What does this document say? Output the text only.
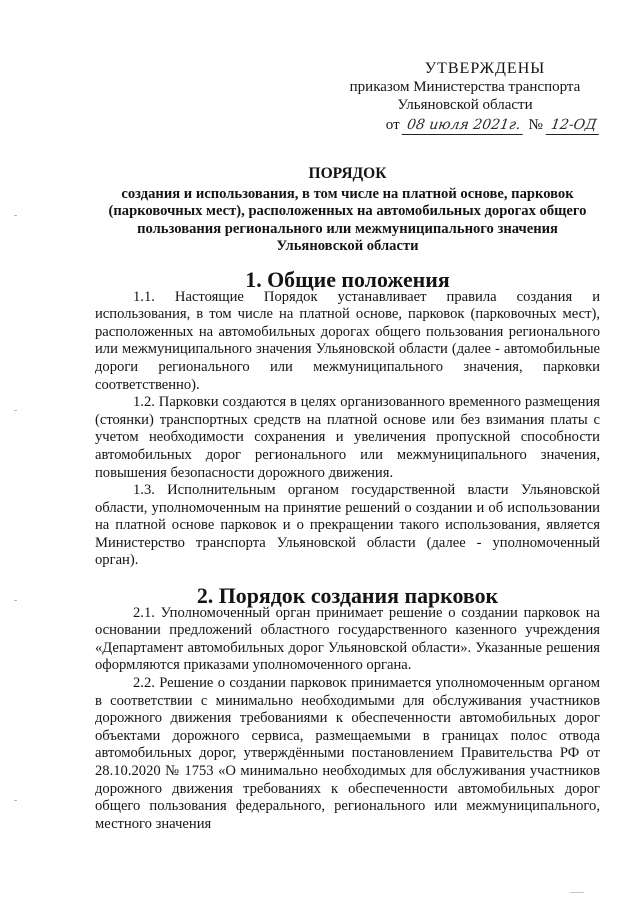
УТВЕРЖДЕНЫ
приказом Министерства транспорта
Ульяновской области
от 08 июля 2021г. № 12-ОД
ПОРЯДОК

создания и использования, в том числе на платной основе, парковок (парковочных мест), расположенных на автомобильных дорогах общего пользования регионального или межмуниципального значения Ульяновской области

1. Общие положения

1.1. Настоящие Порядок устанавливает правила создания и использования, в том числе на платной основе, парковок (парковочных мест), расположенных на автомобильных дорогах общего пользования регионального или межмуниципального значения Ульяновской области (далее - автомобильные дороги регионального или межмуниципального значения, парковки соответственно).

1.2. Парковки создаются в целях организованного временного размещения (стоянки) транспортных средств на платной основе или без взимания платы с учетом необходимости сохранения и увеличения пропускной способности автомобильных дорог регионального или межмуниципального значения, повышения безопасности дорожного движения.

1.3. Исполнительным органом государственной власти Ульяновской области, уполномоченным на принятие решений о создании и об использовании на платной основе парковок и о прекращении такого использования, является Министерство транспорта Ульяновской области (далее - уполномоченный орган).

2. Порядок создания парковок

2.1. Уполномоченный орган принимает решение о создании парковок на основании предложений областного государственного казенного учреждения «Департамент автомобильных дорог Ульяновской области». Указанные решения оформляются приказами уполномоченного органа.

2.2. Решение о создании парковок принимается уполномоченным органом в соответствии с минимально необходимыми для обслуживания участников дорожного движения требованиями к обеспеченности автомобильных дорог объектами дорожного сервиса, размещаемыми в границах полос отвода автомобильных дорог, утверждёнными постановлением Правительства РФ от 28.10.2020 № 1753 «О минимально необходимых для обслуживания участников дорожного движения требованиях к обеспеченности автомобильных дорог общего пользования федерального, регионального или межмуниципального, местного значения
